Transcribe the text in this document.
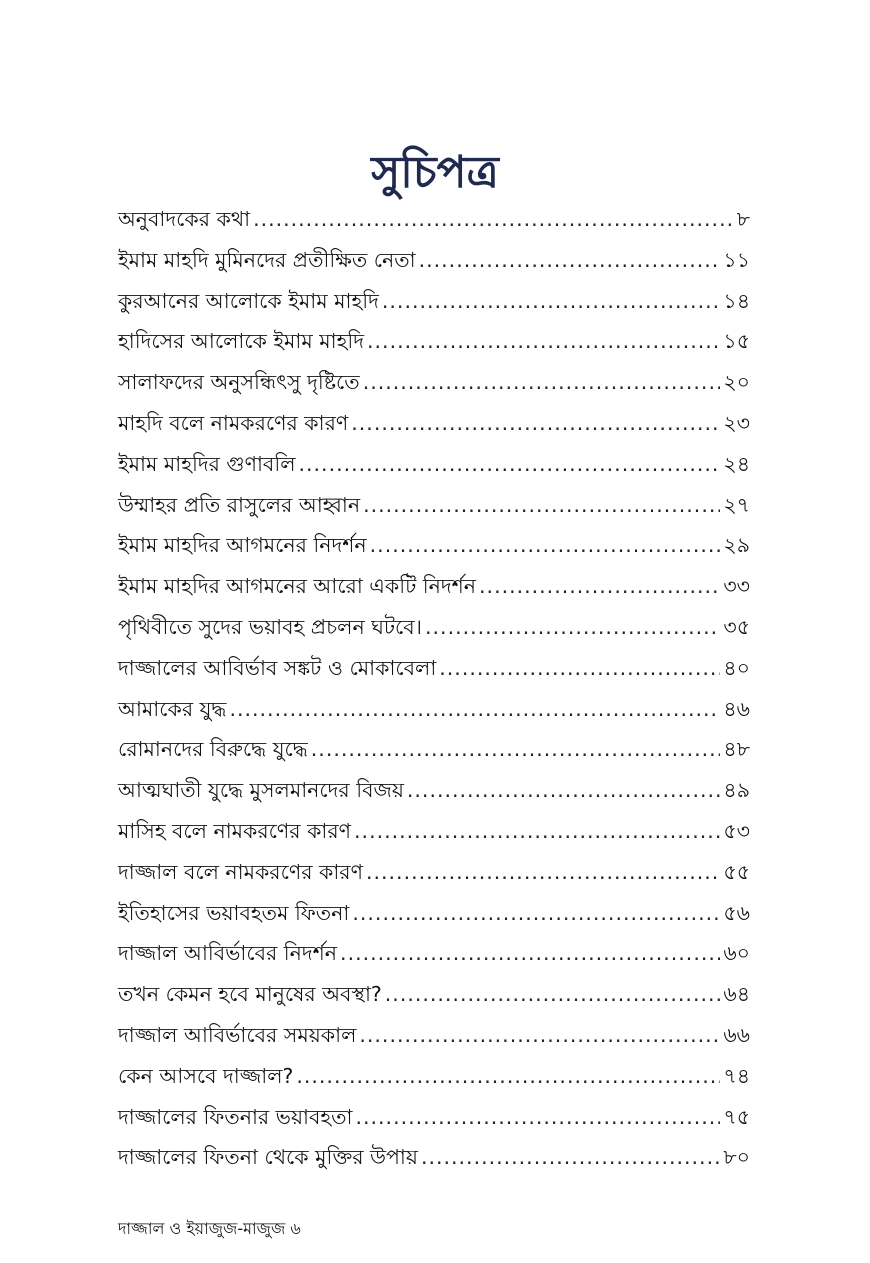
সুচিপত্র
অনুবাদকের কথা .....	৮
ইমাম মাহদি মুমিনদের প্রতীক্ষিত নেতা .....	১১
কুরআনের আলোকে ইমাম মাহদি .....	১৪
হাদিসের আলোকে ইমাম মাহদি .....	১৫
সালাফদের অনুসন্ধিৎসু দৃষ্টিতে .....	২০
মাহদি বলে নামকরণের কারণ .....	২৩
ইমাম মাহদির গুণাবলি .....	২৪
উম্মাহর প্রতি রাসুলের আহ্বান .....	২৭
ইমাম মাহদির আগমনের নিদর্শন .....	২৯
ইমাম মাহদির আগমনের আরো একটি নিদর্শন .....	৩৩
পৃথিবীতে সুদের ভয়াবহ প্রচলন ঘটবে। .....	৩৫
দাজ্জালের আবির্ভাব সঙ্কট ও মোকাবেলা .....	৪০
আমাকের যুদ্ধ .....	৪৬
রোমানদের বিরুদ্ধে যুদ্ধে .....	৪৮
আত্মঘাতী যুদ্ধে মুসলমানদের বিজয় .....	৪৯
মাসিহ বলে নামকরণের কারণ .....	৫৩
দাজ্জাল বলে নামকরণের কারণ .....	৫৫
ইতিহাসের ভয়াবহতম ফিতনা .....	৫৬
দাজ্জাল আবির্ভাবের নিদর্শন .....	৬০
তখন কেমন হবে মানুষের অবস্থা? .....	৬৪
দাজ্জাল আবির্ভাবের সময়কাল .....	৬৬
কেন আসবে দাজ্জাল? .....	৭৪
দাজ্জালের ফিতনার ভয়াবহতা .....	৭৫
দাজ্জালের ফিতনা থেকে মুক্তির উপায় .....	৮০
দাজ্জাল ও ইয়াজুজ-মাজুজ ৬
